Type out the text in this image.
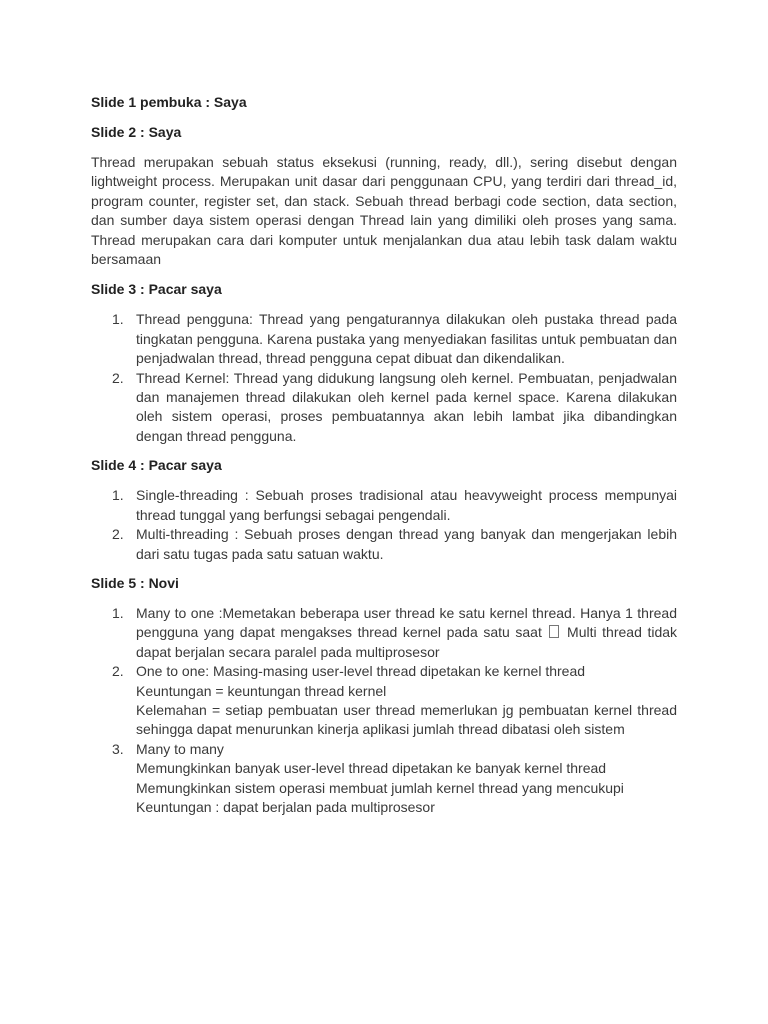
Slide 1 pembuka : Saya
Slide 2 : Saya
Thread merupakan sebuah status eksekusi (running, ready, dll.), sering disebut dengan lightweight process. Merupakan unit dasar dari penggunaan CPU, yang terdiri dari thread_id, program counter, register set, dan stack. Sebuah thread berbagi code section, data section, dan sumber daya sistem operasi dengan Thread lain yang dimiliki oleh proses yang sama. Thread merupakan cara dari komputer untuk menjalankan dua atau lebih task dalam waktu bersamaan
Slide 3 : Pacar saya
1. Thread pengguna: Thread yang pengaturannya dilakukan oleh pustaka thread pada tingkatan pengguna. Karena pustaka yang menyediakan fasilitas untuk pembuatan dan penjadwalan thread, thread pengguna cepat dibuat dan dikendalikan.
2. Thread Kernel: Thread yang didukung langsung oleh kernel. Pembuatan, penjadwalan dan manajemen thread dilakukan oleh kernel pada kernel space. Karena dilakukan oleh sistem operasi, proses pembuatannya akan lebih lambat jika dibandingkan dengan thread pengguna.
Slide 4 : Pacar saya
1. Single-threading : Sebuah proses tradisional atau heavyweight process mempunyai thread tunggal yang berfungsi sebagai pengendali.
2. Multi-threading : Sebuah proses dengan thread yang banyak dan mengerjakan lebih dari satu tugas pada satu satuan waktu.
Slide 5 : Novi
1. Many to one :Memetakan beberapa user thread ke satu kernel thread. Hanya 1 thread pengguna yang dapat mengakses thread kernel pada satu saat Multi thread tidak dapat berjalan secara paralel pada multiprosesor
2. One to one: Masing-masing user-level thread dipetakan ke kernel thread
Keuntungan = keuntungan thread kernel
Kelemahan = setiap pembuatan user thread memerlukan jg pembuatan kernel thread sehingga dapat menurunkan kinerja aplikasi jumlah thread dibatasi oleh sistem
3. Many to many
Memungkinkan banyak user-level thread dipetakan ke banyak kernel thread
Memungkinkan sistem operasi membuat jumlah kernel thread yang mencukupi
Keuntungan : dapat berjalan pada multiprosesor
